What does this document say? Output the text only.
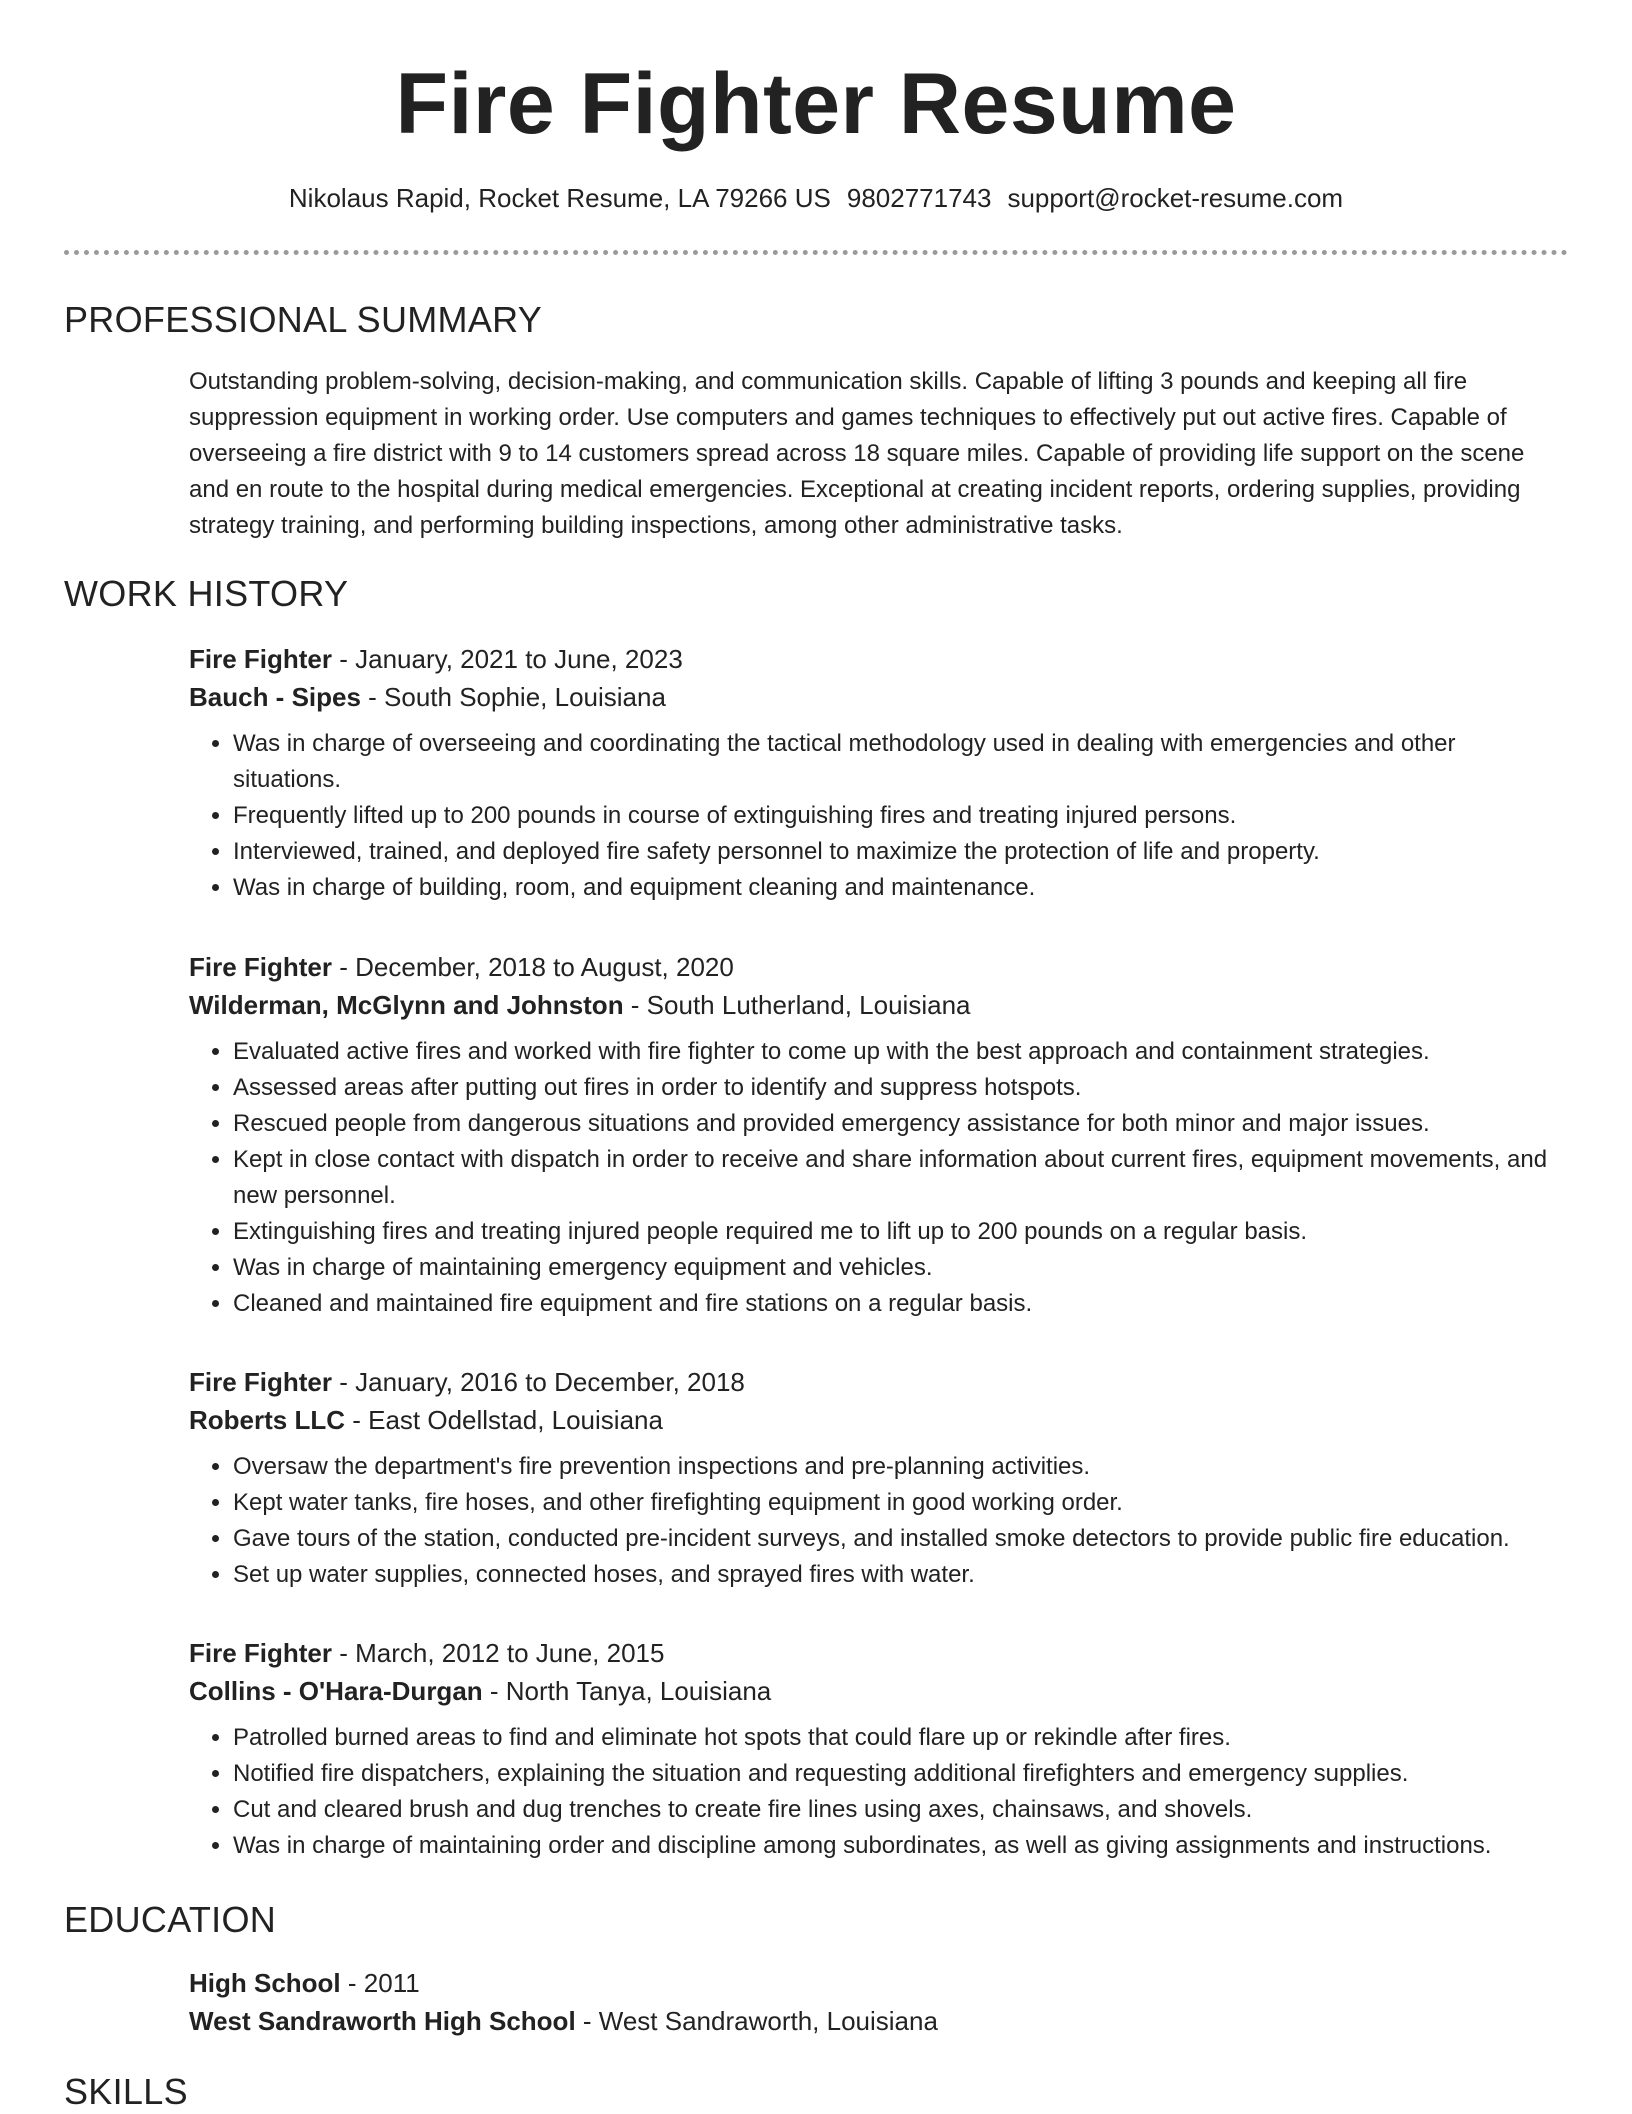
Fire Fighter Resume
Nikolaus Rapid, Rocket Resume, LA 79266 US 9802771743 support@rocket-resume.com
PROFESSIONAL SUMMARY

Outstanding problem-solving, decision-making, and communication skills. Capable of lifting 3 pounds and keeping all fire suppression equipment in working order. Use computers and games techniques to effectively put out active fires. Capable of overseeing a fire district with 9 to 14 customers spread across 18 square miles. Capable of providing life support on the scene and en route to the hospital during medical emergencies. Exceptional at creating incident reports, ordering supplies, providing strategy training, and performing building inspections, among other administrative tasks.

WORK HISTORY

Fire Fighter - January, 2021 to June, 2023

Bauch - Sipes - South Sophie, Louisiana

• Was in charge of overseeing and coordinating the tactical methodology used in dealing with emergencies and other situations.
• Frequently lifted up to 200 pounds in course of extinguishing fires and treating injured persons.
• Interviewed, trained, and deployed fire safety personnel to maximize the protection of life and property.
• Was in charge of building, room, and equipment cleaning and maintenance.

Fire Fighter - December, 2018 to August, 2020

Wilderman, McGlynn and Johnston - South Lutherland, Louisiana

• Evaluated active fires and worked with fire fighter to come up with the best approach and containment strategies.
• Assessed areas after putting out fires in order to identify and suppress hotspots.
• Rescued people from dangerous situations and provided emergency assistance for both minor and major issues.
• Kept in close contact with dispatch in order to receive and share information about current fires, equipment movements, and new personnel.
• Extinguishing fires and treating injured people required me to lift up to 200 pounds on a regular basis.
• Was in charge of maintaining emergency equipment and vehicles.
• Cleaned and maintained fire equipment and fire stations on a regular basis.

Fire Fighter - January, 2016 to December, 2018

Roberts LLC - East Odellstad, Louisiana

• Oversaw the department's fire prevention inspections and pre-planning activities.
• Kept water tanks, fire hoses, and other firefighting equipment in good working order.
• Gave tours of the station, conducted pre-incident surveys, and installed smoke detectors to provide public fire education.
• Set up water supplies, connected hoses, and sprayed fires with water.

Fire Fighter - March, 2012 to June, 2015

Collins - O'Hara-Durgan - North Tanya, Louisiana

• Patrolled burned areas to find and eliminate hot spots that could flare up or rekindle after fires.
• Notified fire dispatchers, explaining the situation and requesting additional firefighters and emergency supplies.
• Cut and cleared brush and dug trenches to create fire lines using axes, chainsaws, and shovels.
• Was in charge of maintaining order and discipline among subordinates, as well as giving assignments and instructions.
EDUCATION

High School - 2011

West Sandraworth High School - West Sandraworth, Louisiana

SKILLS
